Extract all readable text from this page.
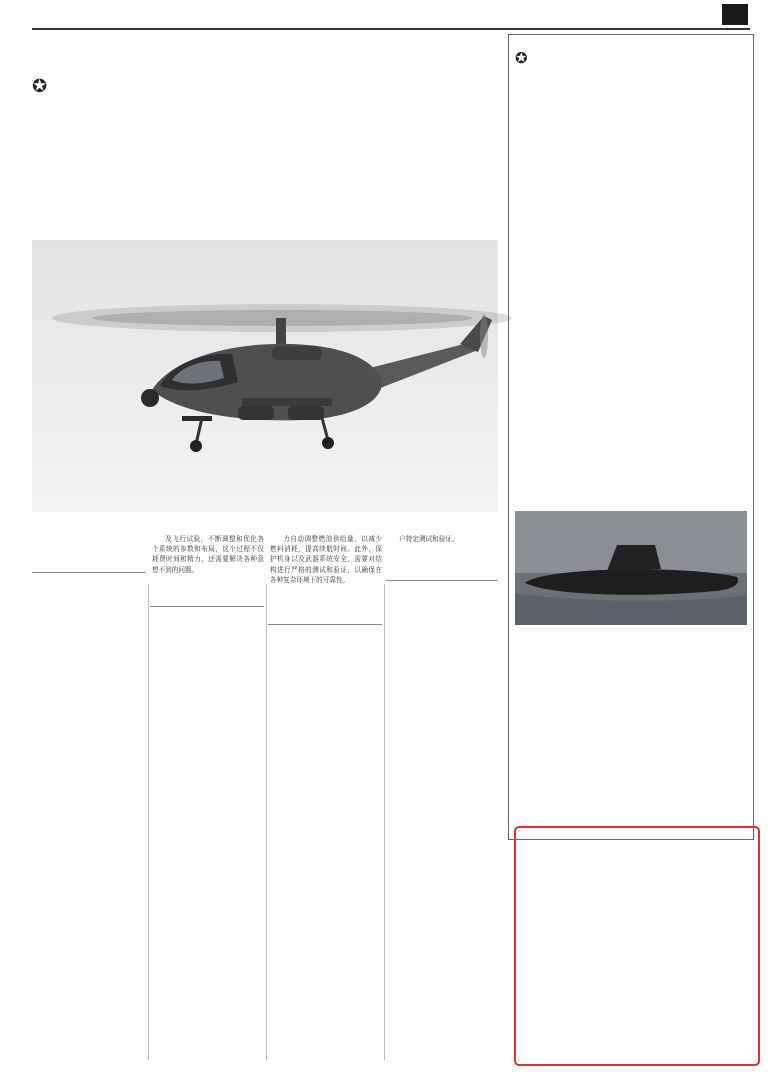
✪

及飞行试验，不断调整和优化各个系统的参数和布局，这个过程不仅耗费时间和精力，还需要解决各种意想不到的问题。

力自动调整燃油供给量，以减少燃料消耗，提高续航时间。此外，保护机身以及武器系统安全，需要对结构进行严格的测试和验证，以确保在各种复杂环境下的可靠性。

户特定测试和验证。

✪
